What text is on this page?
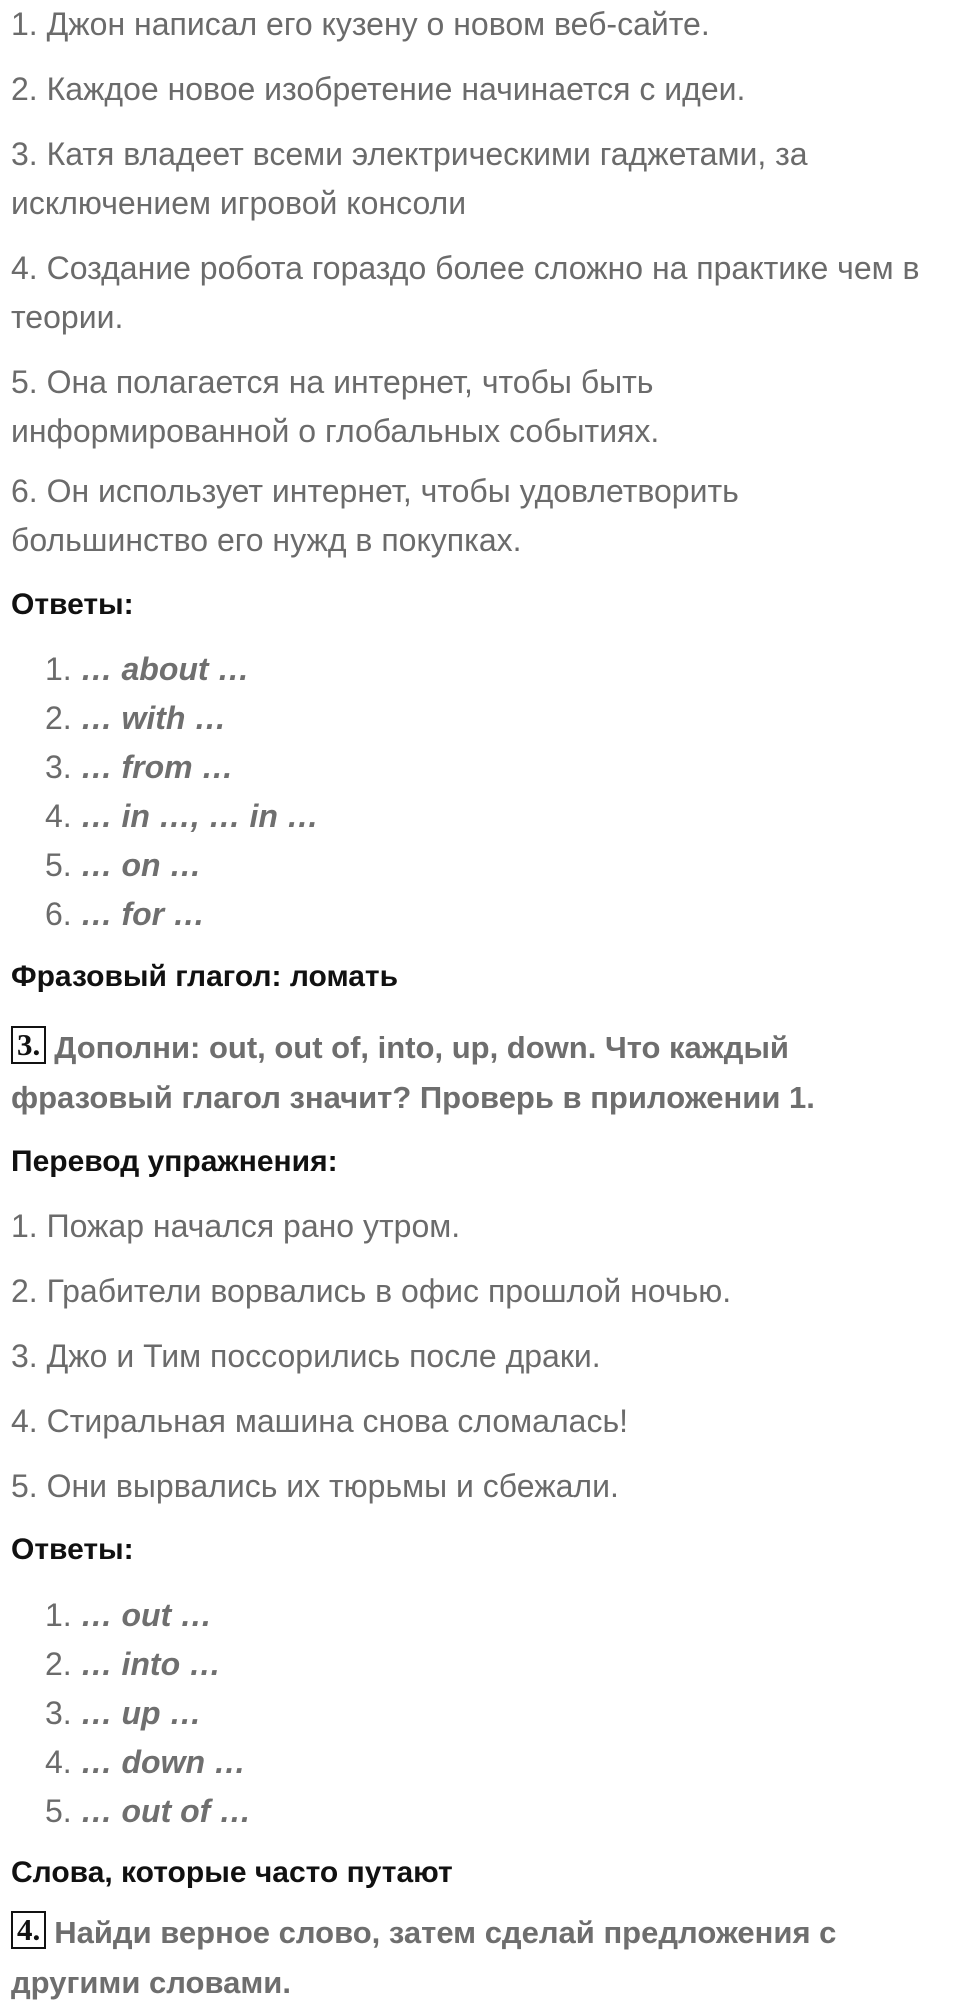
1. Джон написал его кузену о новом веб-сайте.
2. Каждое новое изобретение начинается с идеи.
3. Катя владеет всеми электрическими гаджетами, за
исключением игровой консоли
4. Создание робота гораздо более сложно на практике чем в
теории.
5. Она полагается на интернет, чтобы быть
информированной о глобальных событиях.
6. Он использует интернет, чтобы удовлетворить
большинство его нужд в покупках.
Ответы:
1. … about …
2. … with …
3. … from …
4. … in …, … in …
5. … on …
6. … for …
Фразовый глагол: ломать
3. Дополни: out, out of, into, up, down. Что каждый
фразовый глагол значит? Проверь в приложении 1.
Перевод упражнения:
1. Пожар начался рано утром.
2. Грабители ворвались в офис прошлой ночью.
3. Джо и Тим поссорились после драки.
4. Стиральная машина снова сломалась!
5. Они вырвались их тюрьмы и сбежали.
Ответы:
1. … out …
2. … into …
3. … up …
4. … down …
5. … out of …
Слова, которые часто путают
4. Найди верное слово, затем сделай предложения с
другими словами.
